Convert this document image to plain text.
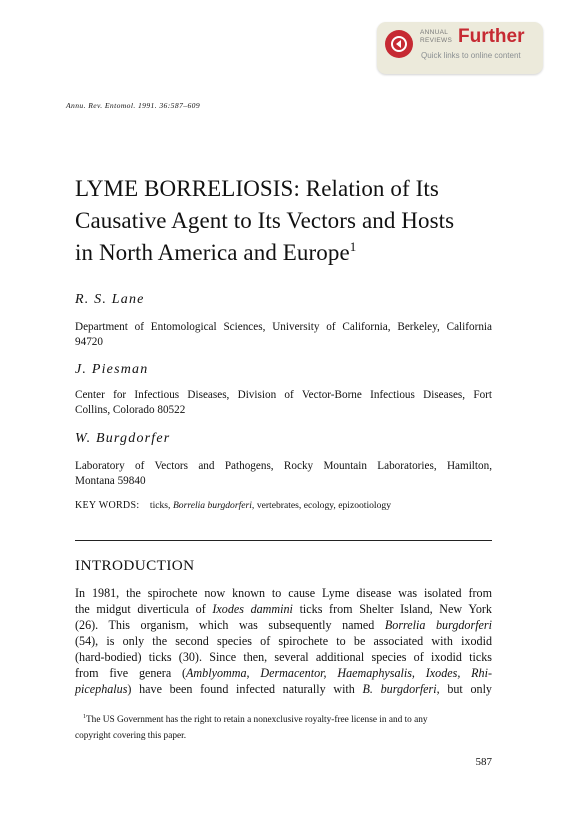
ANNUAL
REVIEWS Further
Quick links to online content
Annu. Rev. Entomol. 1991. 36:587–609
LYME BORRELIOSIS: Relation of Its
Causative Agent to Its Vectors and Hosts
in North America and Europe$^1$
R. S. Lane
Department of Entomological Sciences, University of California, Berkeley, California
94720
J. Piesman
Center for Infectious Diseases, Division of Vector-Borne Infectious Diseases, Fort
Collins, Colorado 80522
W. Burgdorfer
Laboratory of Vectors and Pathogens, Rocky Mountain Laboratories, Hamilton,
Montana 59840
KEY WORDS: ticks, Borrelia burgdorferi, vertebrates, ecology, epizootiology
INTRODUCTION
In 1981, the spirochete now known to cause Lyme disease was isolated from
the midgut diverticula of Ixodes dammini ticks from Shelter Island, New York
(26). This organism, which was subsequently named Borrelia burgdorferi
(54), is only the second species of spirochete to be associated with ixodid
(hard-bodied) ticks (30). Since then, several additional species of ixodid ticks
from five genera (Amblyomma, Dermacentor, Haemaphysalis, Ixodes, Rhi-
picephalus) have been found infected naturally with B. burgdorferi, but only
$^1$The US Government has the right to retain a nonexclusive royalty-free license in and to any
copyright covering this paper.
587
